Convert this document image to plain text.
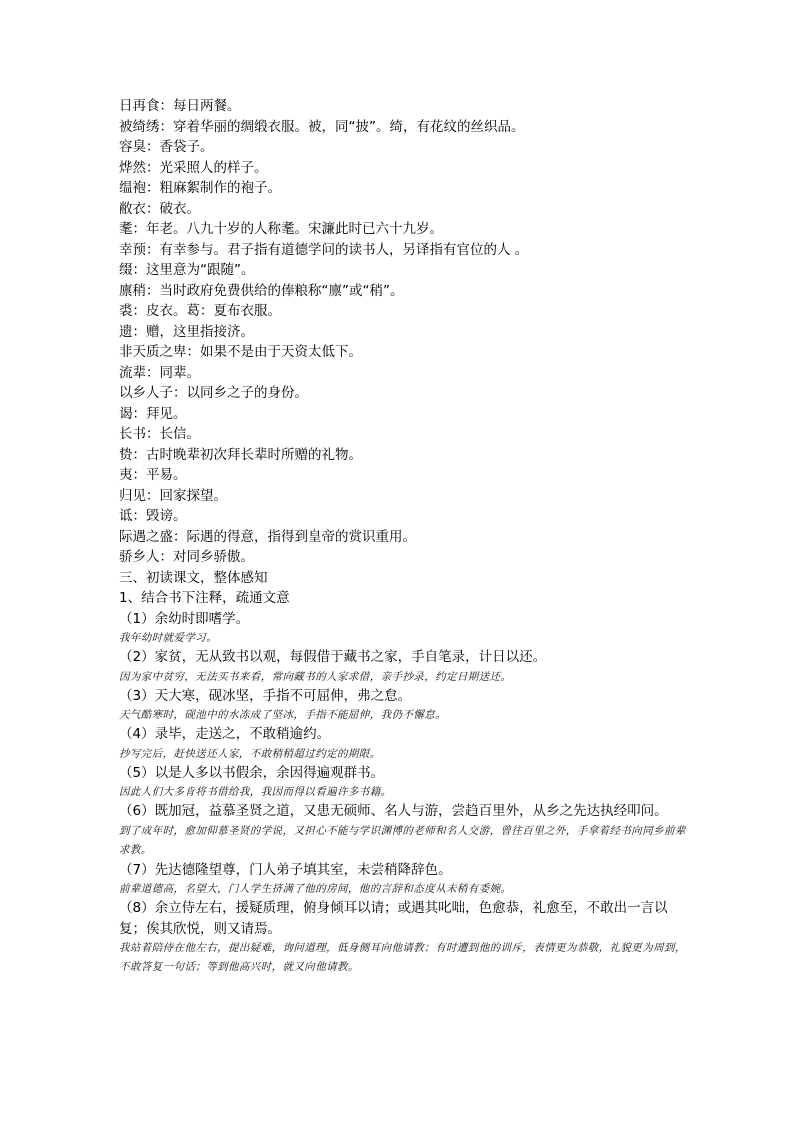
日再食：每日两餐。
被绮绣：穿着华丽的绸缎衣服。被，同“披”。绮，有花纹的丝织品。
容臭：香袋子。
烨然：光采照人的样子。
缊袍：粗麻絮制作的袍子。
敝衣：破衣。
耄：年老。八九十岁的人称耄。宋濂此时已六十九岁。
幸预：有幸参与。君子指有道德学问的读书人，另译指有官位的人 。
缀：这里意为“跟随”。
廪稍：当时政府免费供给的俸粮称“廪”或“稍”。
裘：皮衣。葛：夏布衣服。
遗：赠，这里指接济。
非天质之卑：如果不是由于天资太低下。
流辈：同辈。
以乡人子：以同乡之子的身份。
谒：拜见。
长书：长信。
贽：古时晚辈初次拜长辈时所赠的礼物。
夷：平易。
归见：回家探望。
诋：毁谤。
际遇之盛：际遇的得意，指得到皇帝的赏识重用。
骄乡人：对同乡骄傲。
三、初读课文，整体感知
1、结合书下注释，疏通文意
（1）余幼时即嗜学。
我年幼时就爱学习。
（2）家贫，无从致书以观，每假借于藏书之家，手自笔录，计日以还。
因为家中贫穷，无法买书来看，常向藏书的人家求借，亲手抄录，约定日期送还。
（3）天大寒，砚冰坚，手指不可屈伸，弗之怠。
天气酷寒时，砚池中的水冻成了坚冰，手指不能屈伸，我仍不懈怠。
（4）录毕，走送之，不敢稍逾约。
抄写完后，赶快送还人家，不敢稍稍超过约定的期限。
（5）以是人多以书假余，余因得遍观群书。
因此人们大多肯将书借给我，我因而得以看遍许多书籍。
（6）既加冠，益慕圣贤之道，又患无硕师、名人与游，尝趋百里外，从乡之先达执经叩问。
到了成年时，愈加仰慕圣贤的学说，又担心不能与学识渊博的老师和名人交游，曾往百里之外，手拿着经书向同乡前辈求教。
（7）先达德隆望尊，门人弟子填其室，未尝稍降辞色。
前辈道德高，名望大，门人学生挤满了他的房间，他的言辞和态度从未稍有委婉。
（8）余立侍左右，援疑质理，俯身倾耳以请；或遇其叱咄，色愈恭，礼愈至，不敢出一言以复；俟其欣悦，则又请焉。
我站着陪侍在他左右，提出疑难，询问道理，低身侧耳向他请教；有时遭到他的训斥，表情更为恭敬，礼貌更为周到，不敢答复一句话；等到他高兴时，就又向他请教。
